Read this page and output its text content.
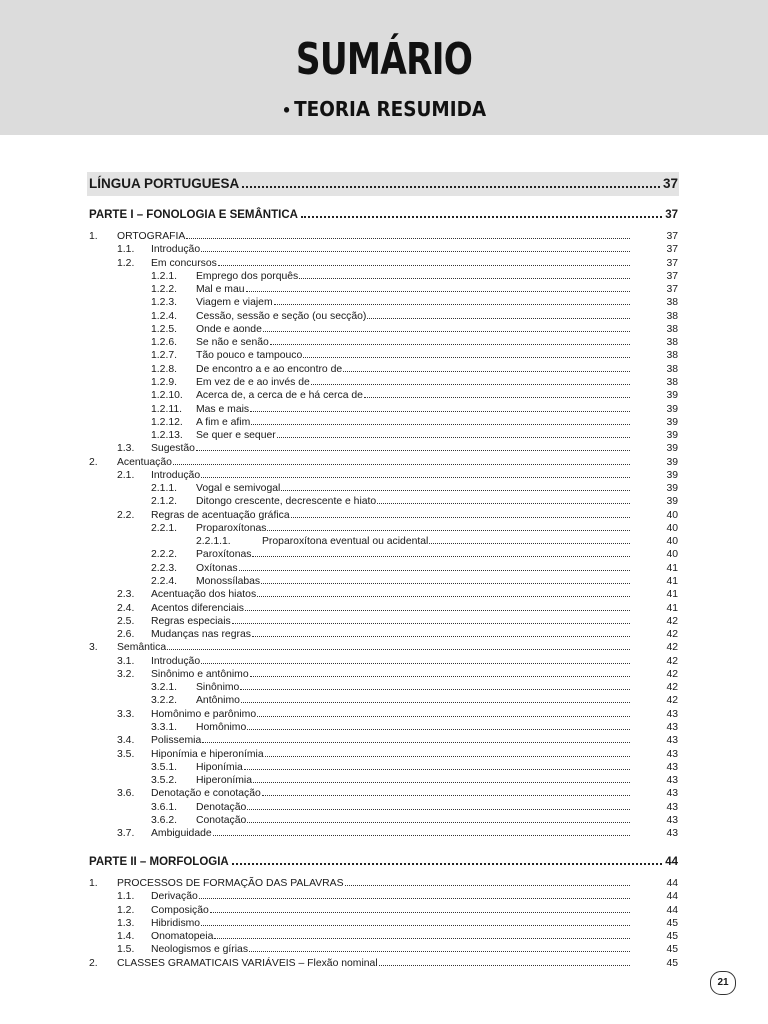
SUMÁRIO
• TEORIA RESUMIDA
LÍNGUA PORTUGUESA	37
PARTE I – FONOLOGIA E SEMÂNTICA	37
1. ORTOGRAFIA	37
1.1. Introdução	37
1.2. Em concursos	37
1.2.1. Emprego dos porquês	37
1.2.2. Mal e mau	37
1.2.3. Viagem e viajem	38
1.2.4. Cessão, sessão e seção (ou secção)	38
1.2.5. Onde e aonde	38
1.2.6. Se não e senão	38
1.2.7. Tão pouco e tampouco	38
1.2.8. De encontro a e ao encontro de	38
1.2.9. Em vez de e ao invés de	38
1.2.10. Acerca de, a cerca de e há cerca de	39
1.2.11. Mas e mais	39
1.2.12. A fim e afim	39
1.2.13. Se quer e sequer	39
1.3. Sugestão	39
2. Acentuação	39
2.1. Introdução	39
2.1.1. Vogal e semivogal	39
2.1.2. Ditongo crescente, decrescente e hiato	39
2.2. Regras de acentuação gráfica	40
2.2.1. Proparoxítonas	40
2.2.1.1.	Proparoxítona eventual ou acidental	40
2.2.2. Paroxítonas	40
2.2.3. Oxítonas	41
2.2.4. Monossílabas	41
2.3. Acentuação dos hiatos	41
2.4. Acentos diferenciais	41
2.5. Regras especiais	42
2.6. Mudanças nas regras	42
3. Semântica	42
3.1. Introdução	42
3.2. Sinônimo e antônimo	42
3.2.1. Sinônimo	42
3.2.2. Antônimo	42
3.3. Homônimo e parônimo	43
3.3.1. Homônimo	43
3.4. Polissemia	43
3.5. Hiponímia e hiperonímia	43
3.5.1. Hiponímia	43
3.5.2. Hiperonímia	43
3.6. Denotação e conotação	43
3.6.1. Denotação	43
3.6.2. Conotação	43
3.7. Ambiguidade	43
PARTE II – MORFOLOGIA	44
1. PROCESSOS DE FORMAÇÃO DAS PALAVRAS	44
1.1. Derivação	44
1.2. Composição	44
1.3. Hibridismo	45
1.4. Onomatopeia	45
1.5. Neologismos e gírias	45
2. CLASSES GRAMATICAIS VARIÁVEIS – Flexão nominal	45
21
